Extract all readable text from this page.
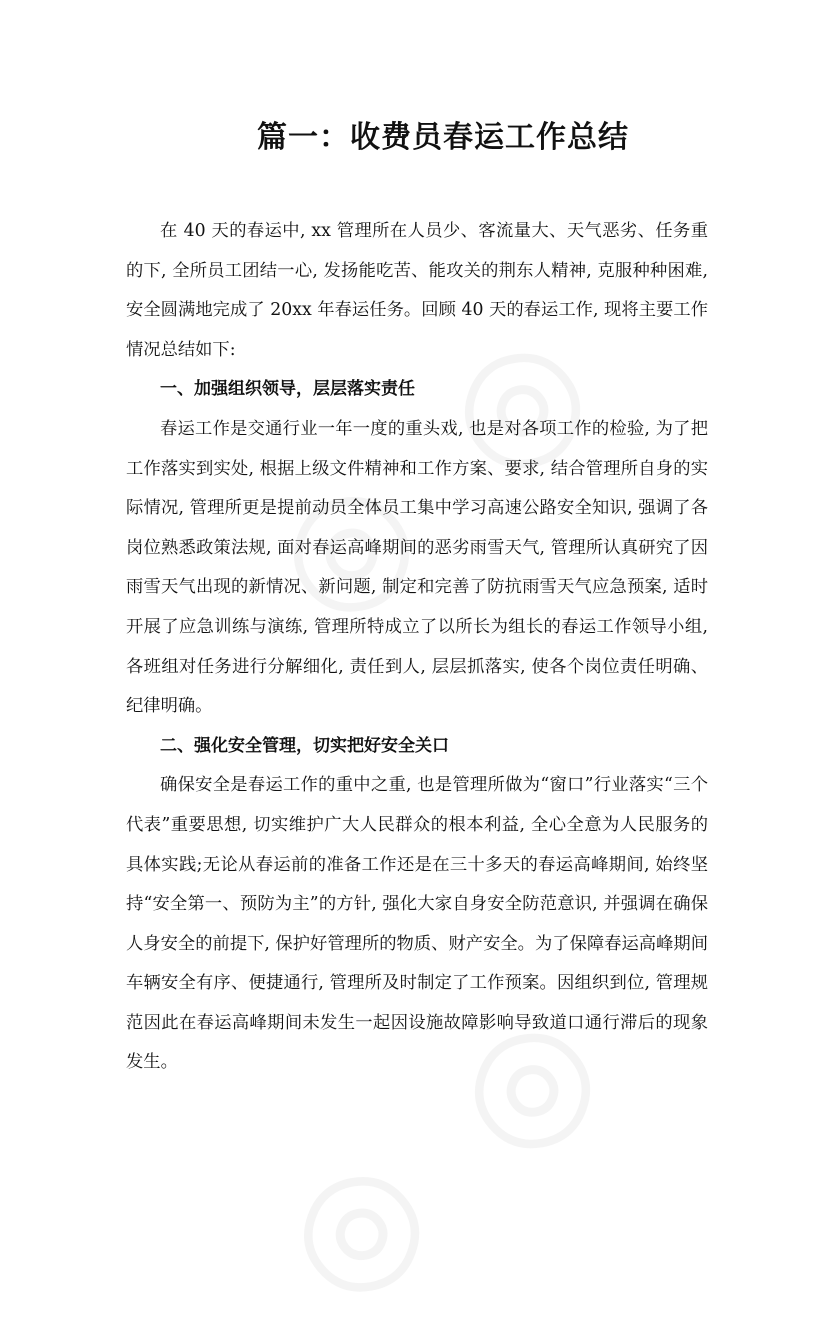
篇一：收费员春运工作总结

在 40 天的春运中, xx 管理所在人员少、客流量大、天气恶劣、任务重的下, 全所员工团结一心, 发扬能吃苦、能攻关的荆东人精神, 克服种种困难, 安全圆满地完成了 20xx 年春运任务。回顾 40 天的春运工作, 现将主要工作情况总结如下:

一、加强组织领导，层层落实责任

春运工作是交通行业一年一度的重头戏, 也是对各项工作的检验, 为了把工作落实到实处, 根据上级文件精神和工作方案、要求, 结合管理所自身的实际情况, 管理所更是提前动员全体员工集中学习高速公路安全知识, 强调了各岗位熟悉政策法规, 面对春运高峰期间的恶劣雨雪天气, 管理所认真研究了因雨雪天气出现的新情况、新问题, 制定和完善了防抗雨雪天气应急预案, 适时开展了应急训练与演练, 管理所特成立了以所长为组长的春运工作领导小组, 各班组对任务进行分解细化, 责任到人, 层层抓落实, 使各个岗位责任明确、纪律明确。

二、强化安全管理，切实把好安全关口

确保安全是春运工作的重中之重, 也是管理所做为“窗口”行业落实“三个代表”重要思想, 切实维护广大人民群众的根本利益, 全心全意为人民服务的具体实践;无论从春运前的准备工作还是在三十多天的春运高峰期间, 始终坚持“安全第一、预防为主”的方针, 强化大家自身安全防范意识, 并强调在确保人身安全的前提下, 保护好管理所的物质、财产安全。为了保障春运高峰期间车辆安全有序、便捷通行, 管理所及时制定了工作预案。因组织到位, 管理规范因此在春运高峰期间未发生一起因设施故障影响导致道口通行滞后的现象发生。
